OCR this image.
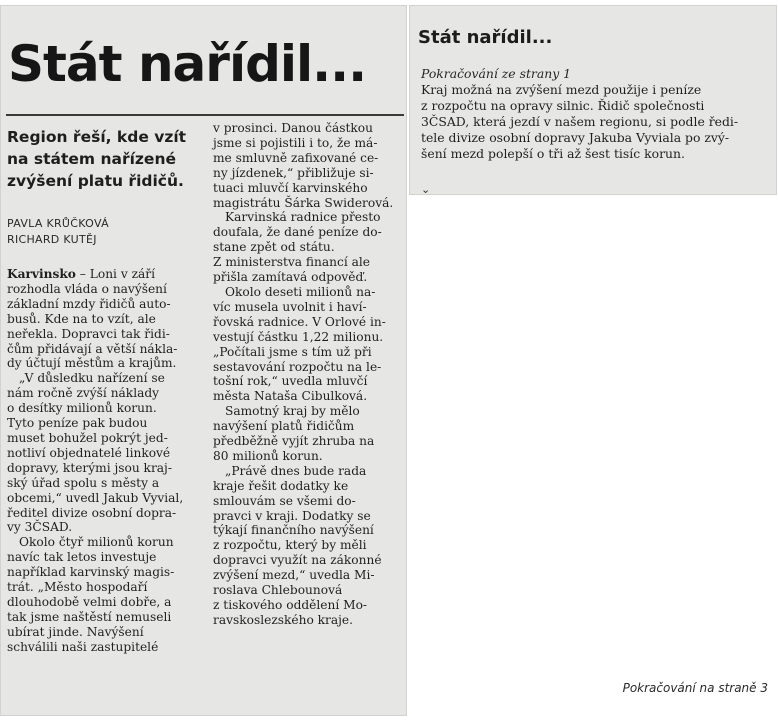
Stát nařídil...
Region řeší, kde vzít
na státem nařízené
zvýšení platu řidičů.
PAVLA KRŮČKOVÁ
RICHARD KUTĚJ
Karvinsko – Loni v září
rozhodla vláda o navýšení
základní mzdy řidičů auto-
busů. Kde na to vzít, ale
neřekla. Dopravci tak řidi-
čům přidávají a větší nákla-
dy účtují městům a krajům.
„V důsledku nařízení se
nám ročně zvýší náklady
o desítky milionů korun.
Tyto peníze pak budou
muset bohužel pokrýt jed-
notliví objednatelé linkové
dopravy, kterými jsou kraj-
ský úřad spolu s městy a
obcemi,“ uvedl Jakub Vyvial,
ředitel divize osobní dopra-
vy 3ČSAD.
Okolo čtyř milionů korun
navíc tak letos investuje
například karvinský magis-
trát. „Město hospodaří
dlouhodobě velmi dobře, a
tak jsme naštěstí nemuseli
ubírat jinde. Navýšení
schválili naši zastupitelé
v prosinci. Danou částkou
jsme si pojistili i to, že má-
me smluvně zafixované ce-
ny jízdenek,“ přibližuje si-
tuaci mluvčí karvinského
magistrátu Šárka Swiderová.
Karvinská radnice přesto
doufala, že dané peníze do-
stane zpět od státu.
Z ministerstva financí ale
přišla zamítavá odpověď.
Okolo deseti milionů na-
víc musela uvolnit i haví-
řovská radnice. V Orlové in-
vestují částku 1,22 milionu.
„Počítali jsme s tím už při
sestavování rozpočtu na le-
tošní rok,“ uvedla mluvčí
města Nataša Cibulková.
Samotný kraj by mělo
navýšení platů řidičům
předběžně vyjít zhruba na
80 milionů korun.
„Právě dnes bude rada
kraje řešit dodatky ke
smlouvám se všemi do-
pravci v kraji. Dodatky se
týkají finančního navýšení
z rozpočtu, který by měli
dopravci využít na zákonné
zvýšení mezd,“ uvedla Mi-
roslava Chlebounová
z tiskového oddělení Mo-
ravskoslezského kraje.
Pokračování na straně 3
Stát nařídil...
Pokračování ze strany 1
Kraj možná na zvýšení mezd použije i peníze
z rozpočtu na opravy silnic. Řidič společnosti
3ČSAD, která jezdí v našem regionu, si podle ředi-
tele divize osobní dopravy Jakuba Vyviala po zvý-
šení mezd polepší o tři až šest tisíc korun.
⌄
